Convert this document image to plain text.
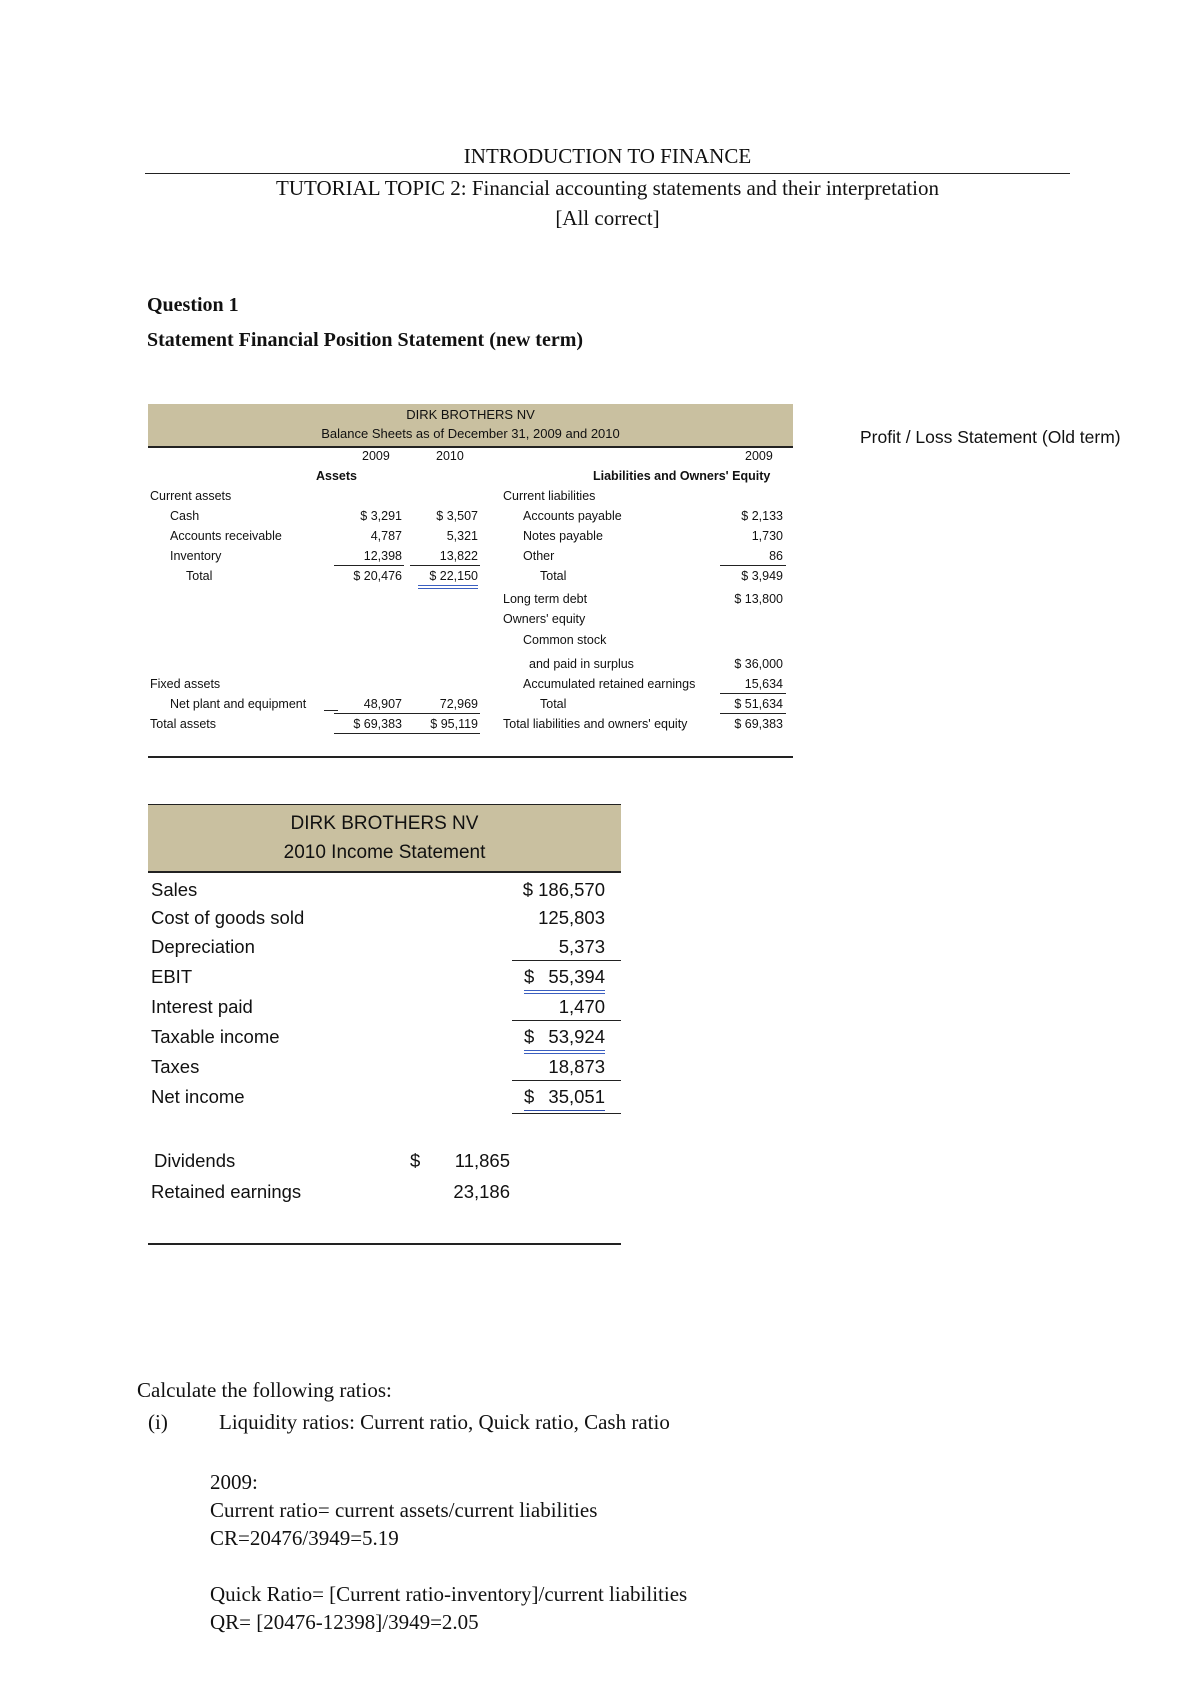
INTRODUCTION TO FINANCE
TUTORIAL TOPIC 2: Financial accounting statements and their interpretation
[All correct]
Question 1
Statement Financial Position Statement (new term)
DIRK BROTHERS NV
Balance Sheets as of December 31, 2009 and 2010
2009	2010	2009
Assets	Liabilities and Owners' Equity
Current assets
Cash	$ 3,291	$ 3,507
Accounts receivable	4,787	5,321
Inventory	12,398	13,822
Total	$ 20,476	$ 22,150
Fixed assets
Net plant and equipment	48,907	72,969
Total assets	$ 69,383	$ 95,119
Current liabilities
Accounts payable	$ 2,133
Notes payable	1,730
Other	86
Total	$ 3,949
Long term debt	$ 13,800
Owners' equity
Common stock
and paid in surplus	$ 36,000
Accumulated retained earnings	15,634
Total	$ 51,634
Total liabilities and owners' equity	$ 69,383
DIRK BROTHERS NV
2010 Income Statement
Sales	$ 186,570
Cost of goods sold	125,803
Depreciation	5,373
EBIT	$ 55,394
Interest paid	1,470
Taxable income	$ 53,924
Taxes	18,873
Net income	$ 35,051
Dividends	$	11,865
Retained earnings	23,186
Profit / Loss Statement (Old term)
Calculate the following ratios:
(i) Liquidity ratios: Current ratio, Quick ratio, Cash ratio
2009:
Current ratio= current assets/current liabilities
CR=20476/3949=5.19
Quick Ratio= [Current ratio-inventory]/current liabilities
QR= [20476-12398]/3949=2.05
